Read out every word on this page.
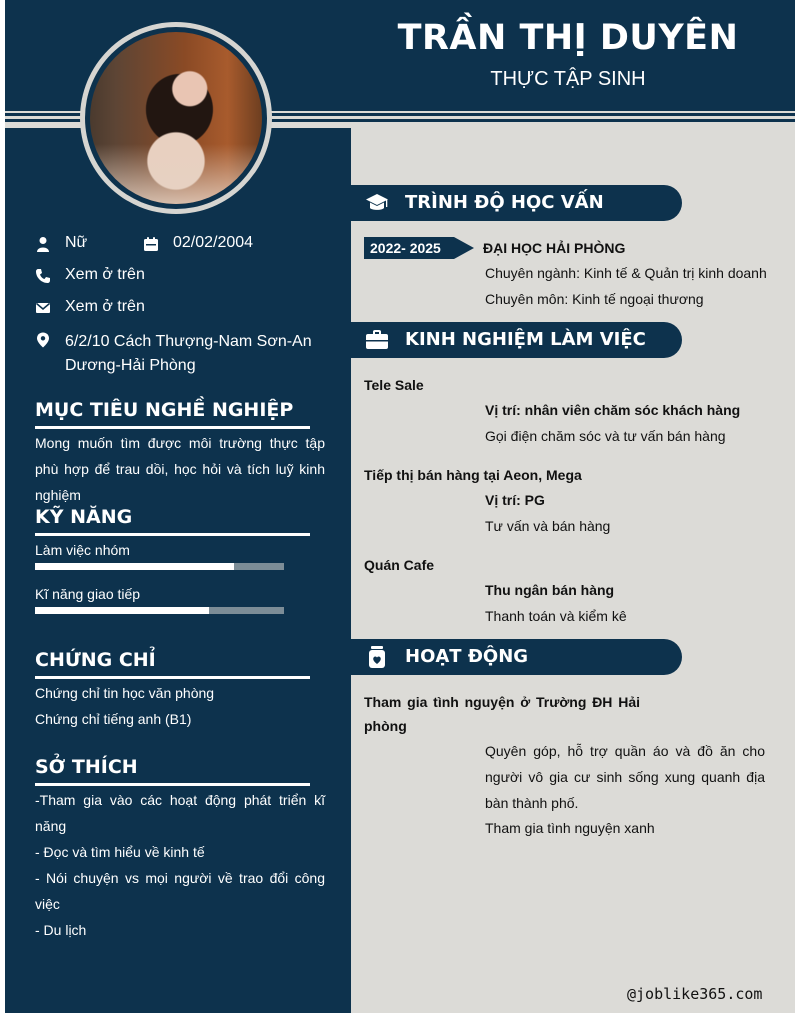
TRẦN THỊ DUYÊN
THỰC TẬP SINH
Nữ	02/02/2004
Xem ở trên
Xem ở trên
6/2/10 Cách Thượng-Nam Sơn-An Dương-Hải Phòng
MỤC TIÊU NGHỀ NGHIỆP
Mong muốn tìm được môi trường thực tập phù hợp để trau dồi, học hỏi và tích luỹ kinh nghiệm
KỸ NĂNG
Làm việc nhóm
Kĩ năng giao tiếp
CHỨNG CHỈ
Chứng chỉ tin học văn phòng
Chứng chỉ tiếng anh (B1)
SỞ THÍCH
-Tham gia vào các hoạt động phát triển kĩ năng
- Đọc và tìm hiểu về kinh tế
- Nói chuyện vs mọi người về trao đổi công việc
- Du lịch
TRÌNH ĐỘ HỌC VẤN
2022- 2025	ĐẠI HỌC HẢI PHÒNG
Chuyên ngành: Kinh tế & Quản trị kinh doanh
Chuyên môn: Kinh tế ngoại thương
KINH NGHIỆM LÀM VIỆC
Tele Sale
Vị trí: nhân viên chăm sóc khách hàng
Gọi điện chăm sóc và tư vấn bán hàng
Tiếp thị bán hàng tại Aeon, Mega
Vị trí: PG
Tư vấn và bán hàng
Quán Cafe
Thu ngân bán hàng
Thanh toán và kiểm kê
HOẠT ĐỘNG
Tham gia tình nguyện ở Trường ĐH Hải phòng
Quyên góp, hỗ trợ quần áo và đồ ăn cho người vô gia cư sinh sống xung quanh địa bàn thành phố.
Tham gia tình nguyện xanh
@joblike365.com
